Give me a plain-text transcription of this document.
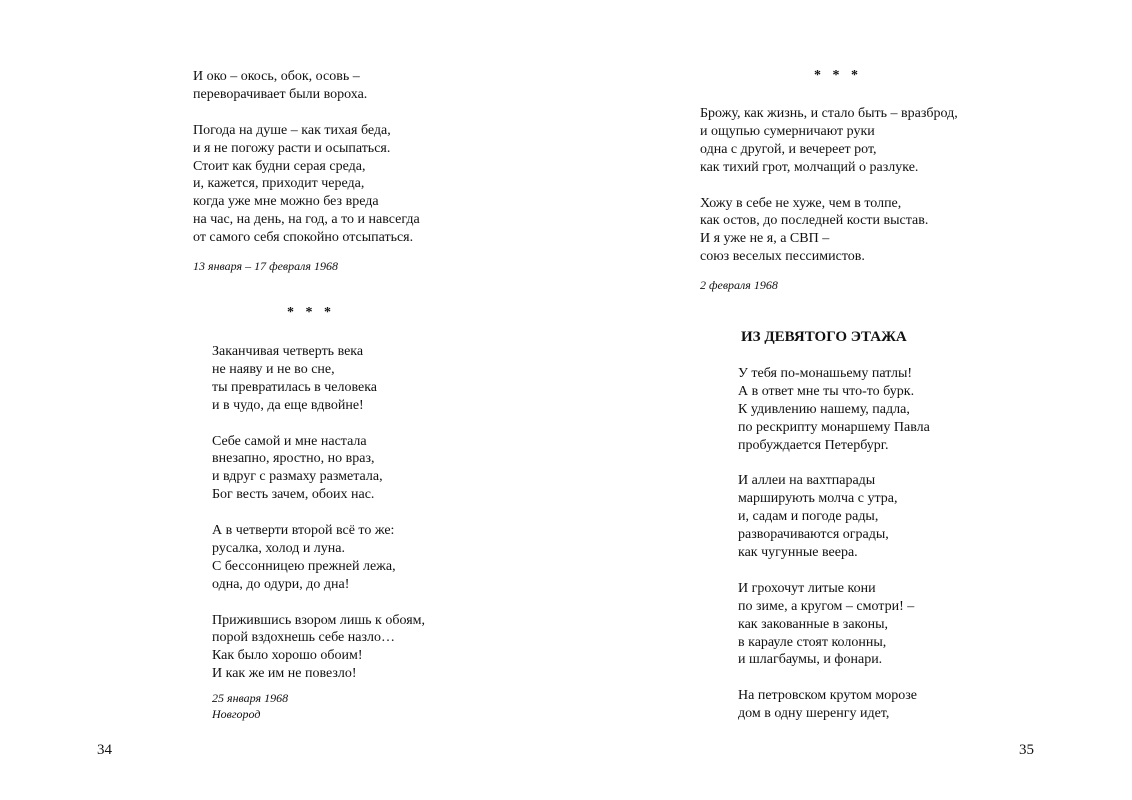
И око – окось, обок, осовь –
переворачивает были вороха.
Погода на душе – как тихая беда,
и я не погожу расти и осыпаться.
Стоит как будни серая среда,
и, кажется, приходит череда,
когда уже мне можно без вреда
на час, на день, на год, а то и навсегда
от самого себя спокойно отсыпаться.
13 января – 17 февраля 1968
* * *
Заканчивая четверть века
не наяву и не во сне,
ты превратилась в человека
и в чудо, да еще вдвойне!
Себе самой и мне настала
внезапно, яростно, но враз,
и вдруг с размаху разметала,
Бог весть зачем, обоих нас.
А в четверти второй всё то же:
русалка, холод и луна.
С бессонницею прежней лежа,
одна, до одури, до дна!
Прижившись взором лишь к обоям,
порой вздохнешь себе назло…
Как было хорошо обоим!
И как же им не повезло!
25 января 1968
Новгород
34
* * *
Брожу, как жизнь, и стало быть – вразброд,
и ощупью сумерничают руки
одна с другой, и вечереет рот,
как тихий грот, молчащий о разлуке.
Хожу в себе не хуже, чем в толпе,
как остов, до последней кости выстав.
И я уже не я, а СВП –
союз веселых пессимистов.
2 февраля 1968
ИЗ ДЕВЯТОГО ЭТАЖА
У тебя по-монашьему патлы!
А в ответ мне ты что-то бурк.
К удивлению нашему, падла,
по рескрипту монаршему Павла
пробуждается Петербург.
И аллеи на вахтпарады
марширують молча с утра,
и, садам и погоде рады,
разворачиваются ограды,
как чугунные веера.
И грохочут литые кони
по зиме, а кругом – смотри! –
как закованные в законы,
в карауле стоят колонны,
и шлагбаумы, и фонари.
На петровском крутом морозе
дом в одну шеренгу идет,
35
